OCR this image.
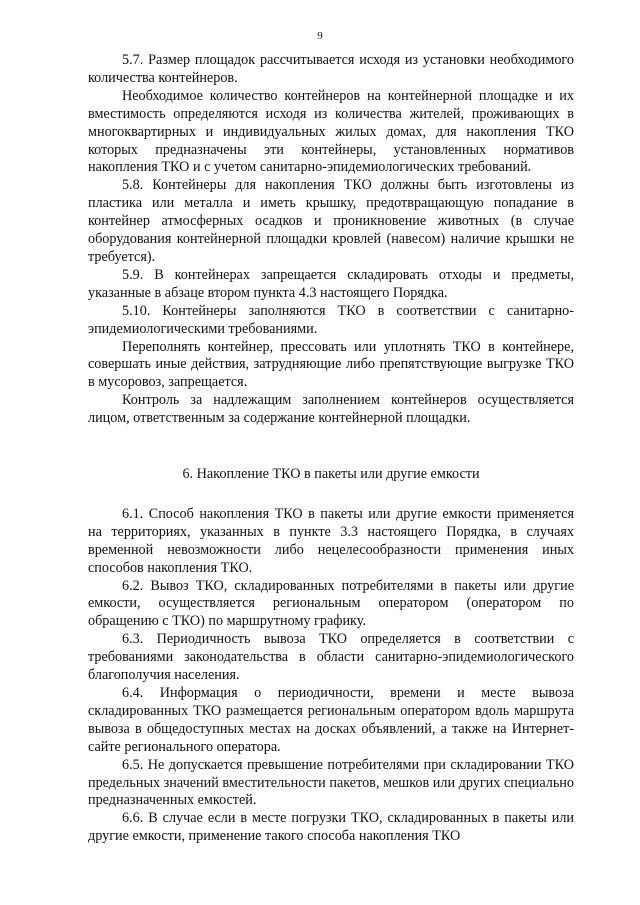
9

5.7. Размер площадок рассчитывается исходя из установки необходимого количества контейнеров.

Необходимое количество контейнеров на контейнерной площадке и их вместимость определяются исходя из количества жителей, проживающих в многоквартирных и индивидуальных жилых домах, для накопления ТКО которых предназначены эти контейнеры, установленных нормативов накопления ТКО и с учетом санитарно-эпидемиологических требований.

5.8. Контейнеры для накопления ТКО должны быть изготовлены из пластика или металла и иметь крышку, предотвращающую попадание в контейнер атмосферных осадков и проникновение животных (в случае оборудования контейнерной площадки кровлей (навесом) наличие крышки не требуется).

5.9. В контейнерах запрещается складировать отходы и предметы, указанные в абзаце втором пункта 4.3 настоящего Порядка.

5.10. Контейнеры заполняются ТКО в соответствии с санитарно-эпидемиологическими требованиями.

Переполнять контейнер, прессовать или уплотнять ТКО в контейнере, совершать иные действия, затрудняющие либо препятствующие выгрузке ТКО в мусоровоз, запрещается.

Контроль за надлежащим заполнением контейнеров осуществляется лицом, ответственным за содержание контейнерной площадки.

6. Накопление ТКО в пакеты или другие емкости

6.1. Способ накопления ТКО в пакеты или другие емкости применяется на территориях, указанных в пункте 3.3 настоящего Порядка, в случаях временной невозможности либо нецелесообразности применения иных способов накопления ТКО.

6.2. Вывоз ТКО, складированных потребителями в пакеты или другие емкости, осуществляется региональным оператором (оператором по обращению с ТКО) по маршрутному графику.

6.3. Периодичность вывоза ТКО определяется в соответствии с требованиями законодательства в области санитарно-эпидемиологического благополучия населения.

6.4. Информация о периодичности, времени и месте вывоза складированных ТКО размещается региональным оператором вдоль маршрута вывоза в общедоступных местах на досках объявлений, а также на Интернет-сайте регионального оператора.

6.5. Не допускается превышение потребителями при складировании ТКО предельных значений вместительности пакетов, мешков или других специально предназначенных емкостей.

6.6. В случае если в месте погрузки ТКО, складированных в пакеты или другие емкости, применение такого способа накопления ТКО
